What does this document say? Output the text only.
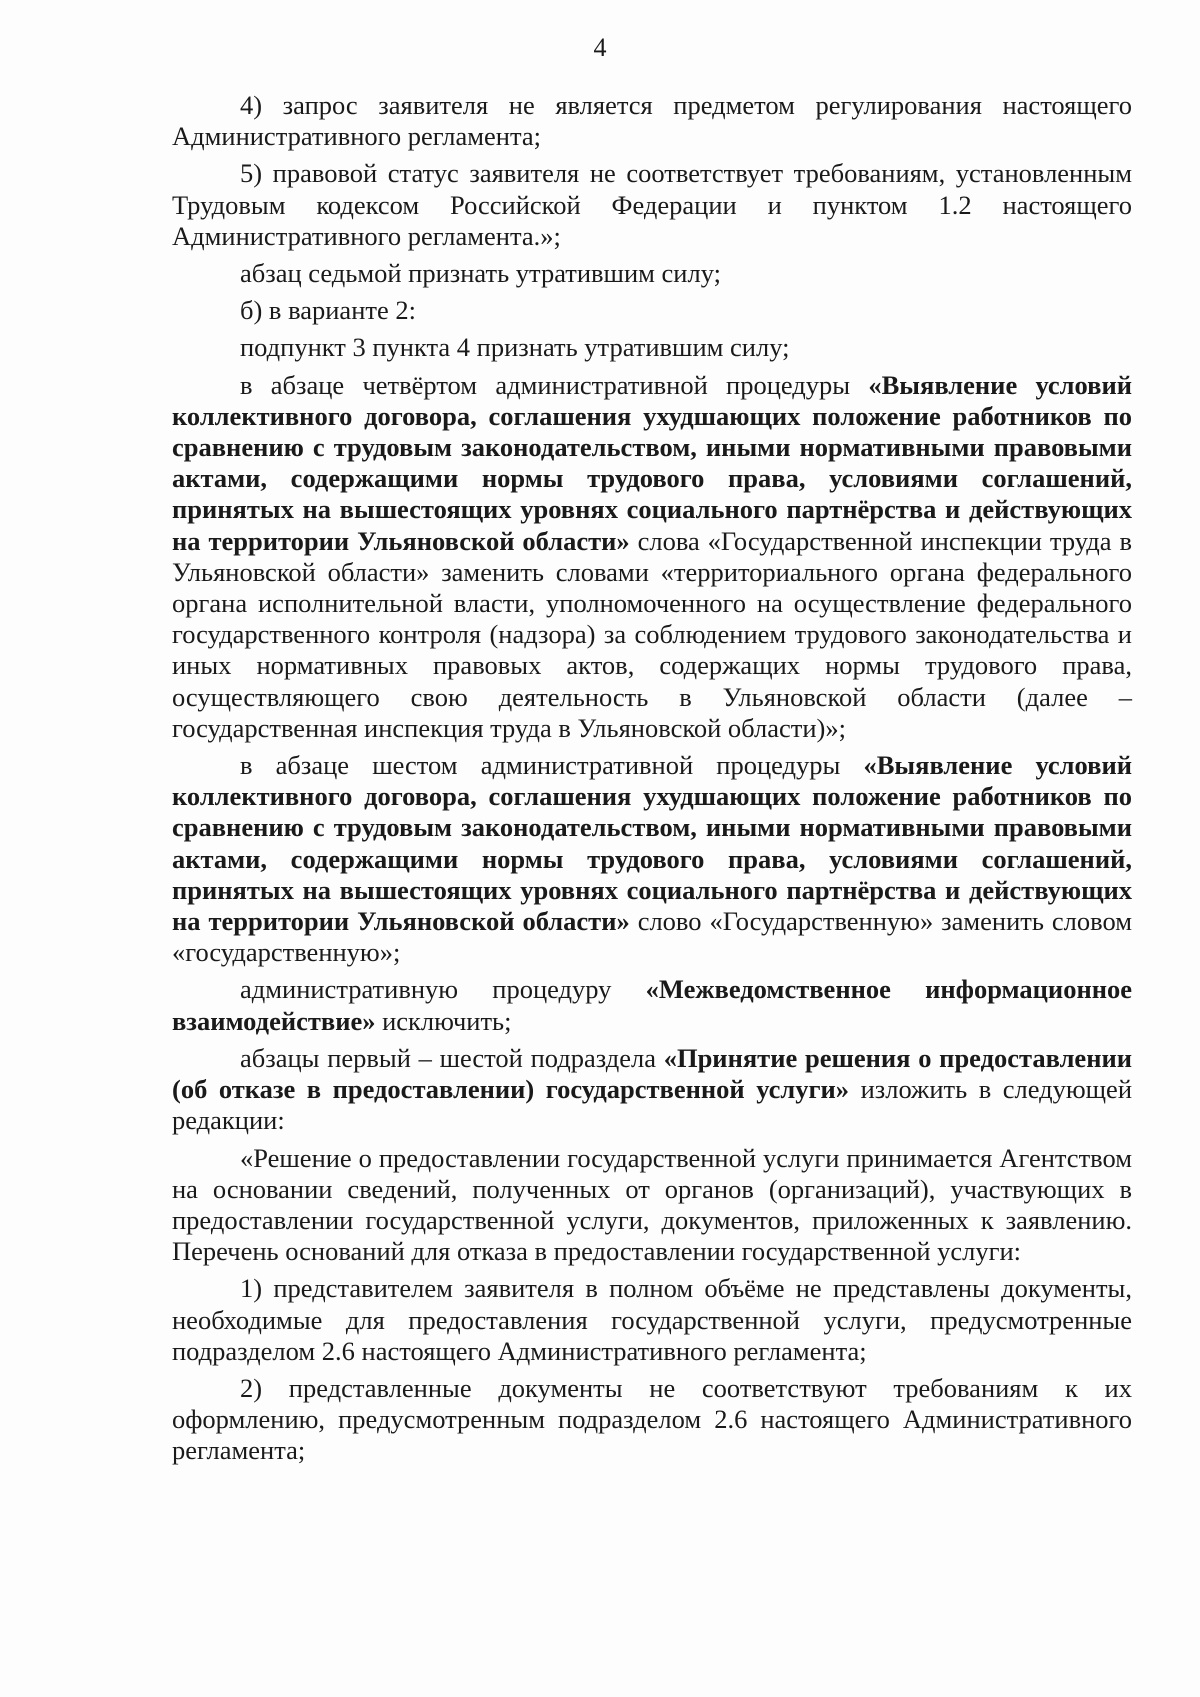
4

4) запрос заявителя не является предметом регулирования настоящего Административного регламента;

5) правовой статус заявителя не соответствует требованиям, установленным Трудовым кодексом Российской Федерации и пунктом 1.2 настоящего Административного регламента.»;

абзац седьмой признать утратившим силу;

б) в варианте 2:

подпункт 3 пункта 4 признать утратившим силу;

в абзаце четвёртом административной процедуры «Выявление условий коллективного договора, соглашения ухудшающих положение работников по сравнению с трудовым законодательством, иными нормативными правовыми актами, содержащими нормы трудового права, условиями соглашений, принятых на вышестоящих уровнях социального партнёрства и действующих на территории Ульяновской области» слова «Государственной инспекции труда в Ульяновской области» заменить словами «территориального органа федерального органа исполнительной власти, уполномоченного на осуществление федерального государственного контроля (надзора) за соблюдением трудового законодательства и иных нормативных правовых актов, содержащих нормы трудового права, осуществляющего свою деятельность в Ульяновской области (далее – государственная инспекция труда в Ульяновской области)»;

в абзаце шестом административной процедуры «Выявление условий коллективного договора, соглашения ухудшающих положение работников по сравнению с трудовым законодательством, иными нормативными правовыми актами, содержащими нормы трудового права, условиями соглашений, принятых на вышестоящих уровнях социального партнёрства и действующих на территории Ульяновской области» слово «Государственную» заменить словом «государственную»;

административную процедуру «Межведомственное информационное взаимодействие» исключить;

абзацы первый – шестой подраздела «Принятие решения о предоставлении (об отказе в предоставлении) государственной услуги» изложить в следующей редакции:

«Решение о предоставлении государственной услуги принимается Агентством на основании сведений, полученных от органов (организаций), участвующих в предоставлении государственной услуги, документов, приложенных к заявлению. Перечень оснований для отказа в предоставлении государственной услуги:

1) представителем заявителя в полном объёме не представлены документы, необходимые для предоставления государственной услуги, предусмотренные подразделом 2.6 настоящего Административного регламента;

2) представленные документы не соответствуют требованиям к их оформлению, предусмотренным подразделом 2.6 настоящего Административного регламента;
